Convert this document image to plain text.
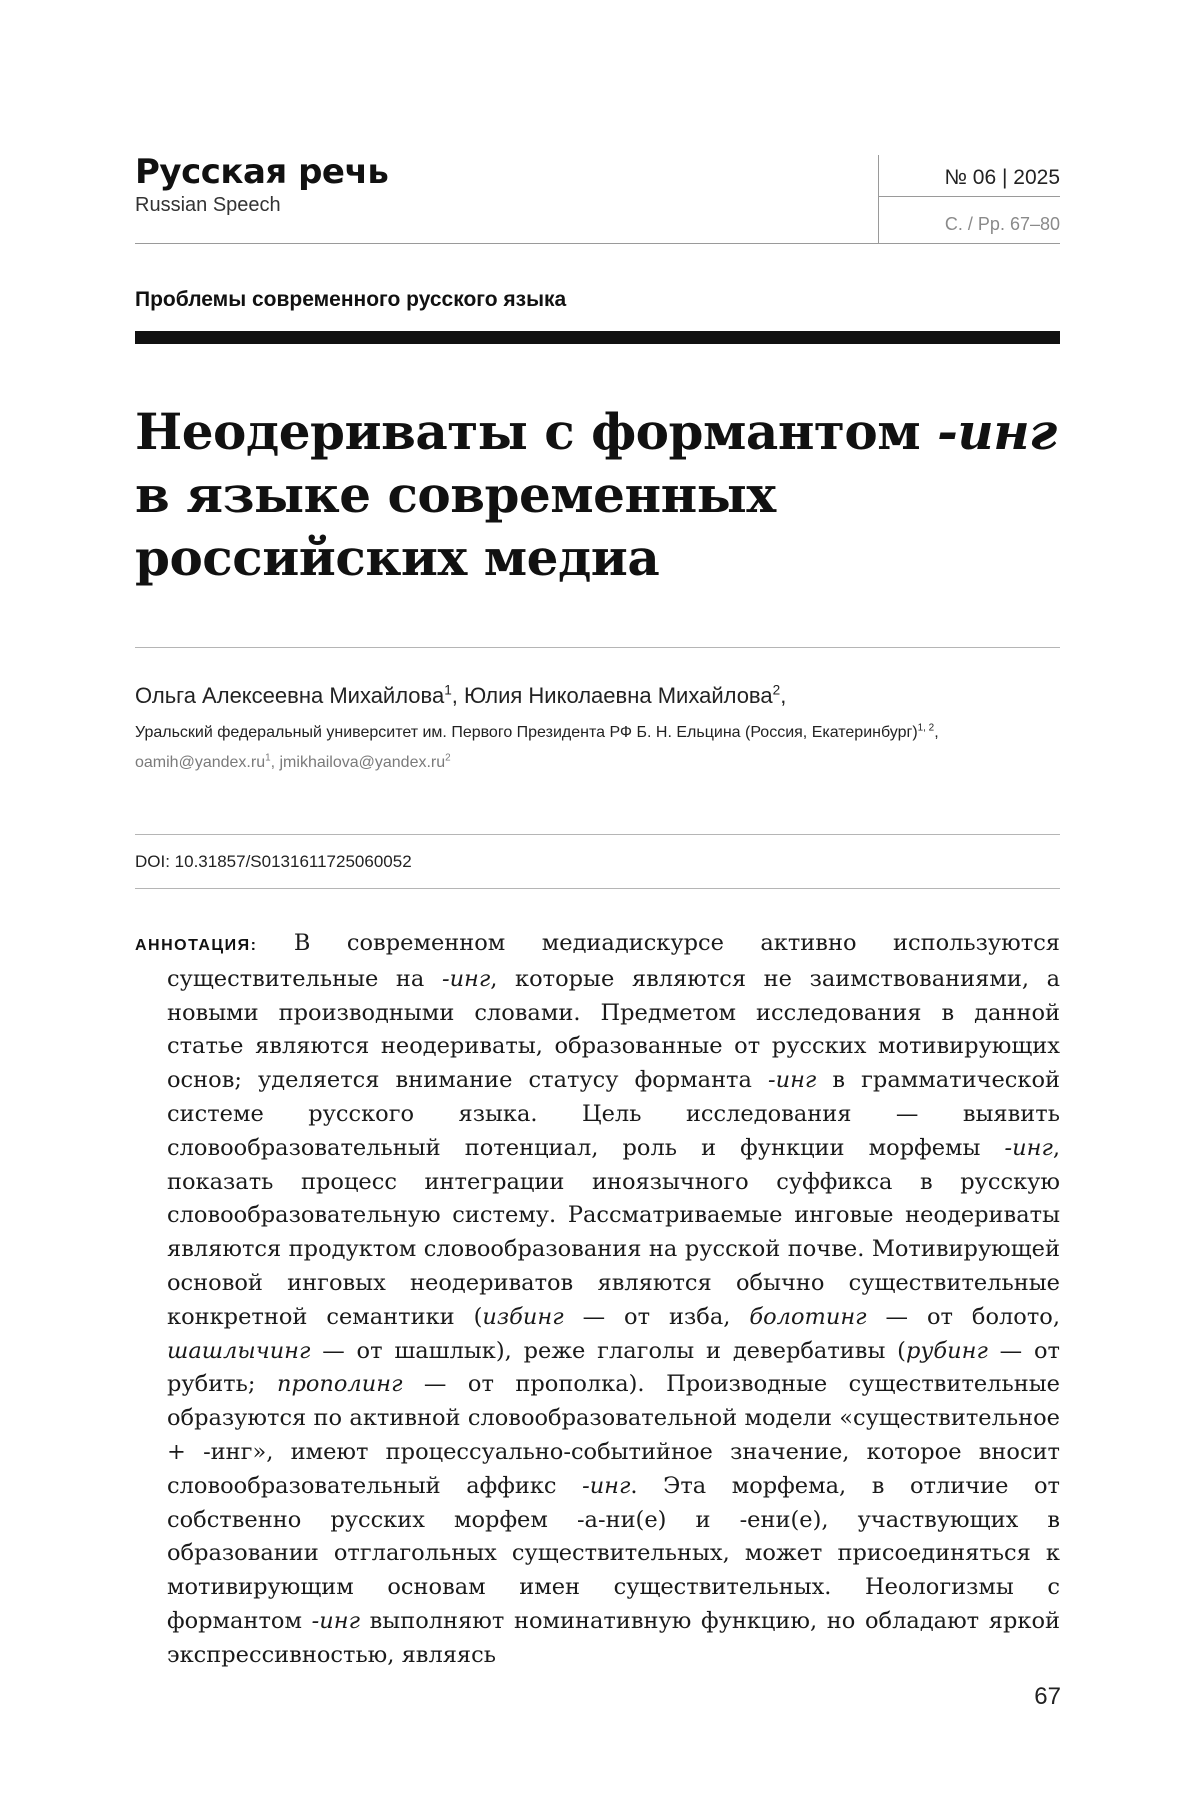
Русская речь
Russian Speech
№ 06 | 2025
С. / Pp. 67–80
Проблемы современного русского языка
Неодериваты с формантом -инг
в языке современных
российских медиа
Ольга Алексеевна Михайлова$^1$, Юлия Николаевна Михайлова$^2$,
Уральский федеральный университет им. Первого Президента РФ Б. Н. Ельцина (Россия, Екатеринбург)$^{1, 2}$,
$oamih@yandex.ru^1$, $jmikhailova@yandex.ru^2$
DOI: 10.31857/S0131611725060052
АННОТАЦИЯ: В современном медиадискурсе активно используются существительные на -инг, которые являются не заимствованиями, а новыми производными словами. Предметом исследования в данной статье являются неодериваты, образованные от русских мотивирующих основ; уделяется внимание статусу форманта -инг в грамматической системе русского языка. Цель исследования — выявить словообразовательный потенциал, роль и функции морфемы -инг, показать процесс интеграции иноязычного суффикса в русскую словообразовательную систему. Рассматриваемые инговые неодериваты являются продуктом словообразования на русской почве. Мотивирующей основой инговых неодериватов являются обычно существительные конкретной семантики (избинг — от изба, болотинг — от болото, шашлычинг — от шашлык), реже глаголы и девербативы (рубинг — от рубить; прополинг — от прополка). Производные существительные образуются по активной словообразовательной модели «существительное + -инг», имеют процессуально-событийное значение, которое вносит словообразовательный аффикс -инг. Эта морфема, в отличие от собственно русских морфем -а-ни(е) и -ени(е), участвующих в образовании отглагольных существительных, может присоединяться к мотивирующим основам имен существительных. Неологизмы с формантом -инг выполняют номинативную функцию, но обладают яркой экспрессивностью, являясь
67
